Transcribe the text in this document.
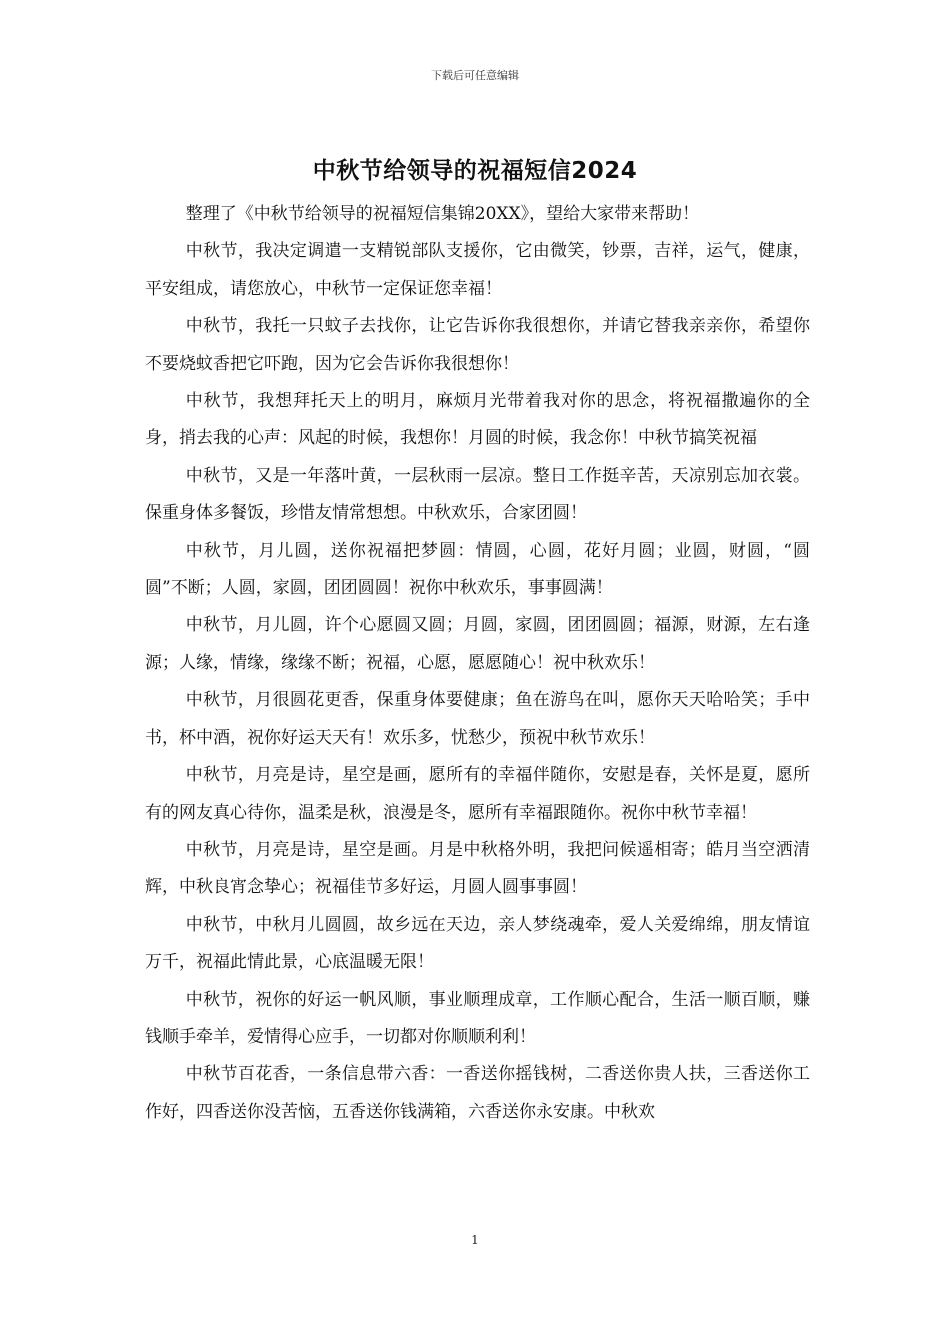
下载后可任意编辑
中秋节给领导的祝福短信2024

整理了《中秋节给领导的祝福短信集锦20XX》，望给大家带来帮助！

中秋节，我决定调遣一支精锐部队支援你，它由微笑，钞票，吉祥，运气，健康，平安组成，请您放心，中秋节一定保证您幸福！

中秋节，我托一只蚊子去找你，让它告诉你我很想你，并请它替我亲亲你，希望你不要烧蚊香把它吓跑，因为它会告诉你我很想你！

中秋节，我想拜托天上的明月，麻烦月光带着我对你的思念，将祝福撒遍你的全身，捎去我的心声：风起的时候，我想你！月圆的时候，我念你！中秋节搞笑祝福

中秋节，又是一年落叶黄，一层秋雨一层凉。整日工作挺辛苦，天凉别忘加衣裳。保重身体多餐饭，珍惜友情常想想。中秋欢乐，合家团圆！

中秋节，月儿圆，送你祝福把梦圆：情圆，心圆，花好月圆；业圆，财圆，“圆圆”不断；人圆，家圆，团团圆圆！祝你中秋欢乐，事事圆满！

中秋节，月儿圆，许个心愿圆又圆；月圆，家圆，团团圆圆；福源，财源，左右逢源；人缘，情缘，缘缘不断；祝福，心愿，愿愿随心！祝中秋欢乐！

中秋节，月很圆花更香，保重身体要健康；鱼在游鸟在叫，愿你天天哈哈笑；手中书，杯中酒，祝你好运天天有！欢乐多，忧愁少，预祝中秋节欢乐！

中秋节，月亮是诗，星空是画，愿所有的幸福伴随你，安慰是春，关怀是夏，愿所有的网友真心待你，温柔是秋，浪漫是冬，愿所有幸福跟随你。祝你中秋节幸福！

中秋节，月亮是诗，星空是画。月是中秋格外明，我把问候遥相寄；皓月当空洒清辉，中秋良宵念挚心；祝福佳节多好运，月圆人圆事事圆！

中秋节，中秋月儿圆圆，故乡远在天边，亲人梦绕魂牵，爱人关爱绵绵，朋友情谊万千，祝福此情此景，心底温暖无限！

中秋节，祝你的好运一帆风顺，事业顺理成章，工作顺心配合，生活一顺百顺，赚钱顺手牵羊，爱情得心应手，一切都对你顺顺利利！

中秋节百花香，一条信息带六香：一香送你摇钱树，二香送你贵人扶，三香送你工作好，四香送你没苦恼，五香送你钱满箱，六香送你永安康。中秋欢

1
